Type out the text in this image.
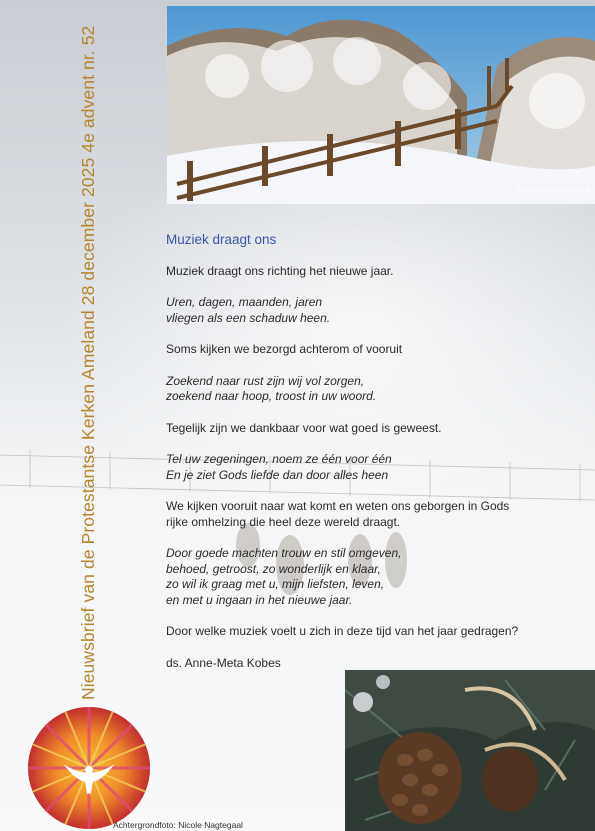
Nieuwsbrief van de Protestantse Kerken Ameland 28 december 2025 4e advent nr. 52	Foto: Ainsie Wijnstra
Muziek draagt ons

Muziek draagt ons richting het nieuwe jaar.

Uren, dagen, maanden, jaren
vliegen als een schaduw heen.

Soms kijken we bezorgd achterom of vooruit

Zoekend naar rust zijn wij vol zorgen,
zoekend naar hoop, troost in uw woord.

Tegelijk zijn we dankbaar voor wat goed is geweest.

Tel uw zegeningen, noem ze één voor één
En je ziet Gods liefde dan door alles heen

We kijken vooruit naar wat komt en weten ons geborgen in Gods
rijke omhelzing die heel deze wereld draagt.

Door goede machten trouw en stil omgeven,
behoed, getroost, zo wonderlijk en klaar,
zo wil ik graag met u, mijn liefsten, leven,
en met u ingaan in het nieuwe jaar.

Door welke muziek voelt u zich in deze tijd van het jaar gedragen?

ds. Anne-Meta Kobes

Achtergrondfoto: Nicole Nagtegaal
